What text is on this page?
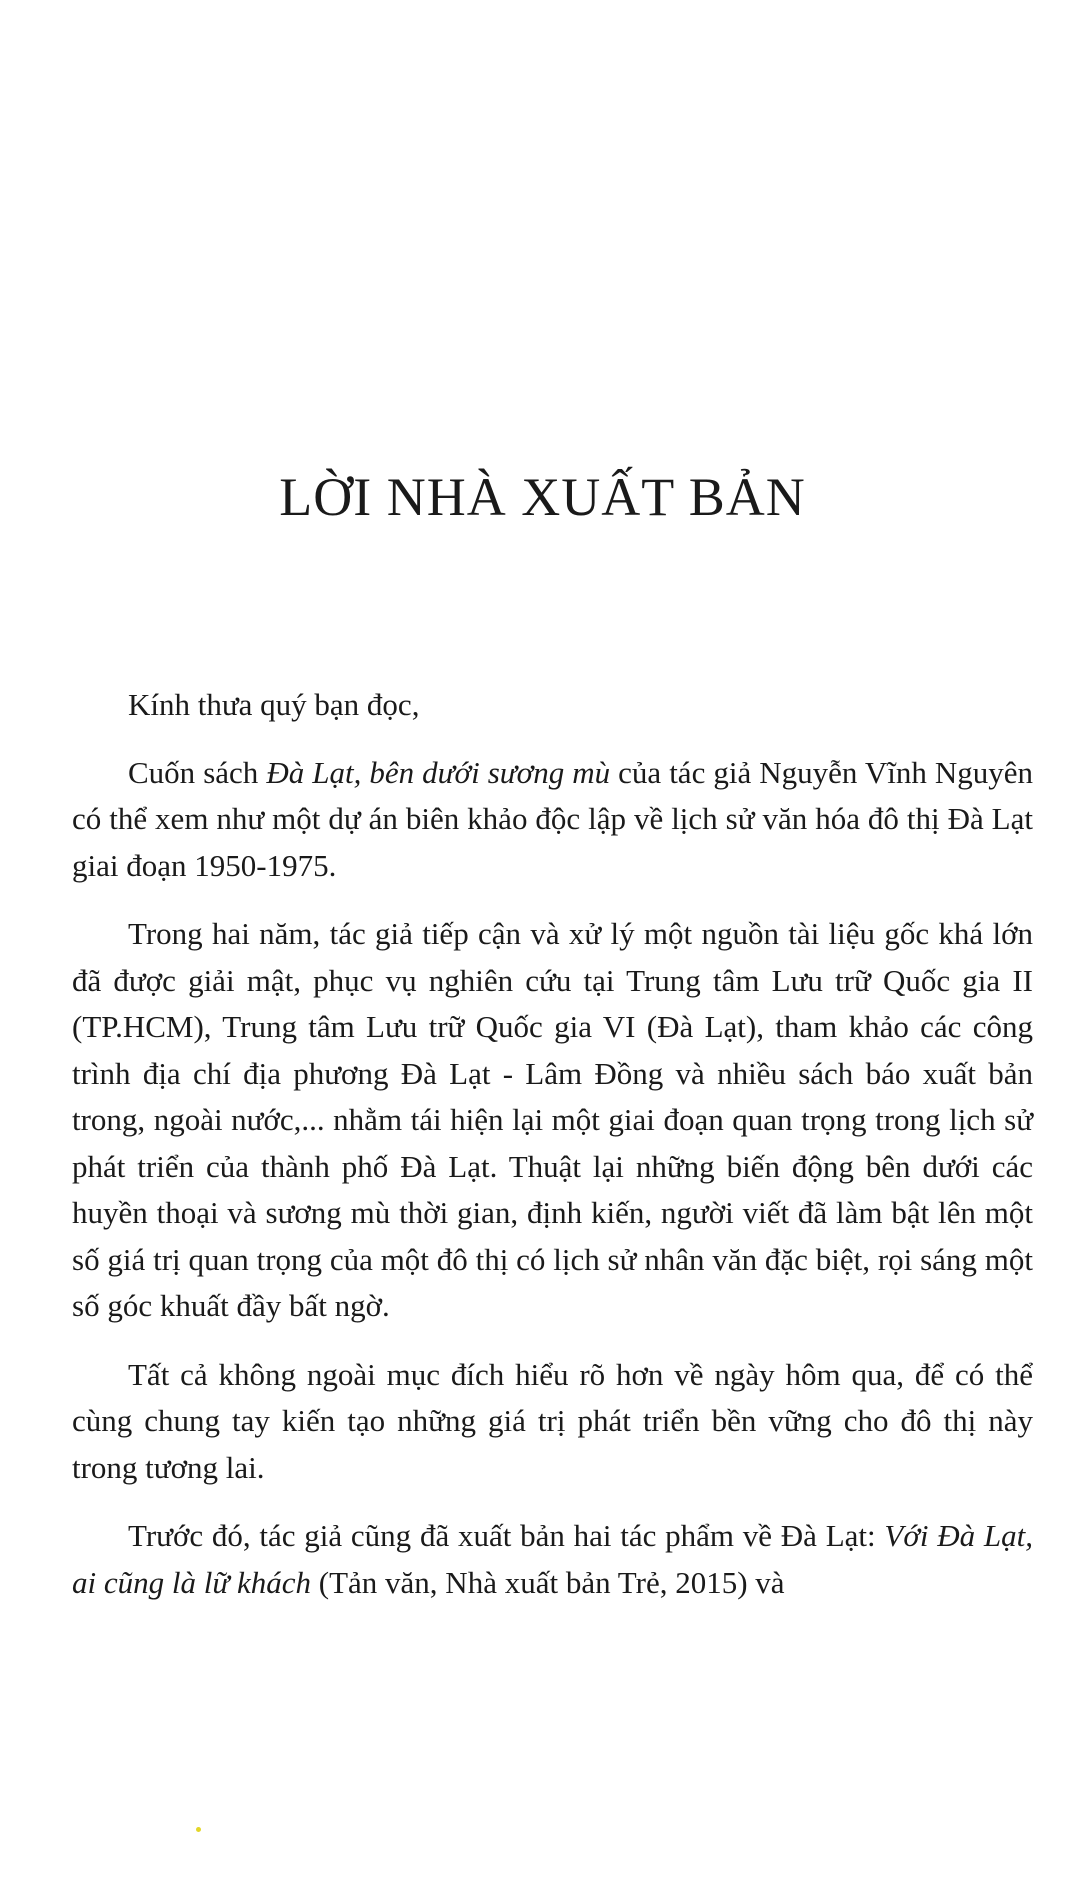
LỜI NHÀ XUẤT BẢN

Kính thưa quý bạn đọc,

Cuốn sách Đà Lạt, bên dưới sương mù của tác giả Nguyễn Vĩnh Nguyên có thể xem như một dự án biên khảo độc lập về lịch sử văn hóa đô thị Đà Lạt giai đoạn 1950-1975.

Trong hai năm, tác giả tiếp cận và xử lý một nguồn tài liệu gốc khá lớn đã được giải mật, phục vụ nghiên cứu tại Trung tâm Lưu trữ Quốc gia II (TP.HCM), Trung tâm Lưu trữ Quốc gia VI (Đà Lạt), tham khảo các công trình địa chí địa phương Đà Lạt - Lâm Đồng và nhiều sách báo xuất bản trong, ngoài nước,... nhằm tái hiện lại một giai đoạn quan trọng trong lịch sử phát triển của thành phố Đà Lạt. Thuật lại những biến động bên dưới các huyền thoại và sương mù thời gian, định kiến, người viết đã làm bật lên một số giá trị quan trọng của một đô thị có lịch sử nhân văn đặc biệt, rọi sáng một số góc khuất đầy bất ngờ.

Tất cả không ngoài mục đích hiểu rõ hơn về ngày hôm qua, để có thể cùng chung tay kiến tạo những giá trị phát triển bền vững cho đô thị này trong tương lai.

Trước đó, tác giả cũng đã xuất bản hai tác phẩm về Đà Lạt: Với Đà Lạt, ai cũng là lữ khách (Tản văn, Nhà xuất bản Trẻ, 2015) và
